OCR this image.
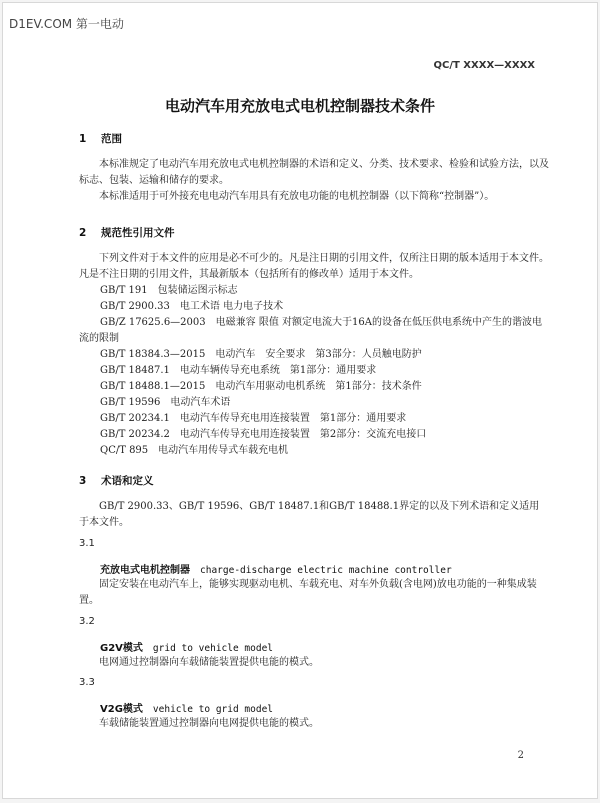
D1EV.COM 第一电动
QC/T XXXX—XXXX
电动汽车用充放电式电机控制器技术条件
1 范围
本标准规定了电动汽车用充放电式电机控制器的术语和定义、分类、技术要求、检验和试验方法，以及标志、包装、运输和储存的要求。
本标准适用于可外接充电电动汽车用具有充放电功能的电机控制器（以下简称“控制器”）。
2 规范性引用文件
下列文件对于本文件的应用是必不可少的。凡是注日期的引用文件，仅所注日期的版本适用于本文件。凡是不注日期的引用文件，其最新版本（包括所有的修改单）适用于本文件。
GB/T 191　包装储运图示标志
GB/T 2900.33　电工术语 电力电子技术
GB/Z 17625.6—2003　电磁兼容 限值 对额定电流大于16A的设备在低压供电系统中产生的谐波电流的限制
GB/T 18384.3—2015　电动汽车　安全要求　第3部分：人员触电防护
GB/T 18487.1　电动车辆传导充电系统　第1部分：通用要求
GB/T 18488.1—2015　电动汽车用驱动电机系统　第1部分：技术条件
GB/T 19596　电动汽车术语
GB/T 20234.1　电动汽车传导充电用连接装置　第1部分：通用要求
GB/T 20234.2　电动汽车传导充电用连接装置　第2部分：交流充电接口
QC/T 895　电动汽车用传导式车载充电机
3 术语和定义
GB/T 2900.33、GB/T 19596、GB/T 18487.1和GB/T 18488.1界定的以及下列术语和定义适用于本文件。
3.1
充放电式电机控制器 charge-discharge electric machine controller
固定安装在电动汽车上，能够实现驱动电机、车载充电、对车外负载(含电网)放电功能的一种集成装置。
3.2
G2V模式 grid to vehicle model
电网通过控制器向车载储能装置提供电能的模式。
3.3
V2G模式 vehicle to grid model
车载储能装置通过控制器向电网提供电能的模式。
2
